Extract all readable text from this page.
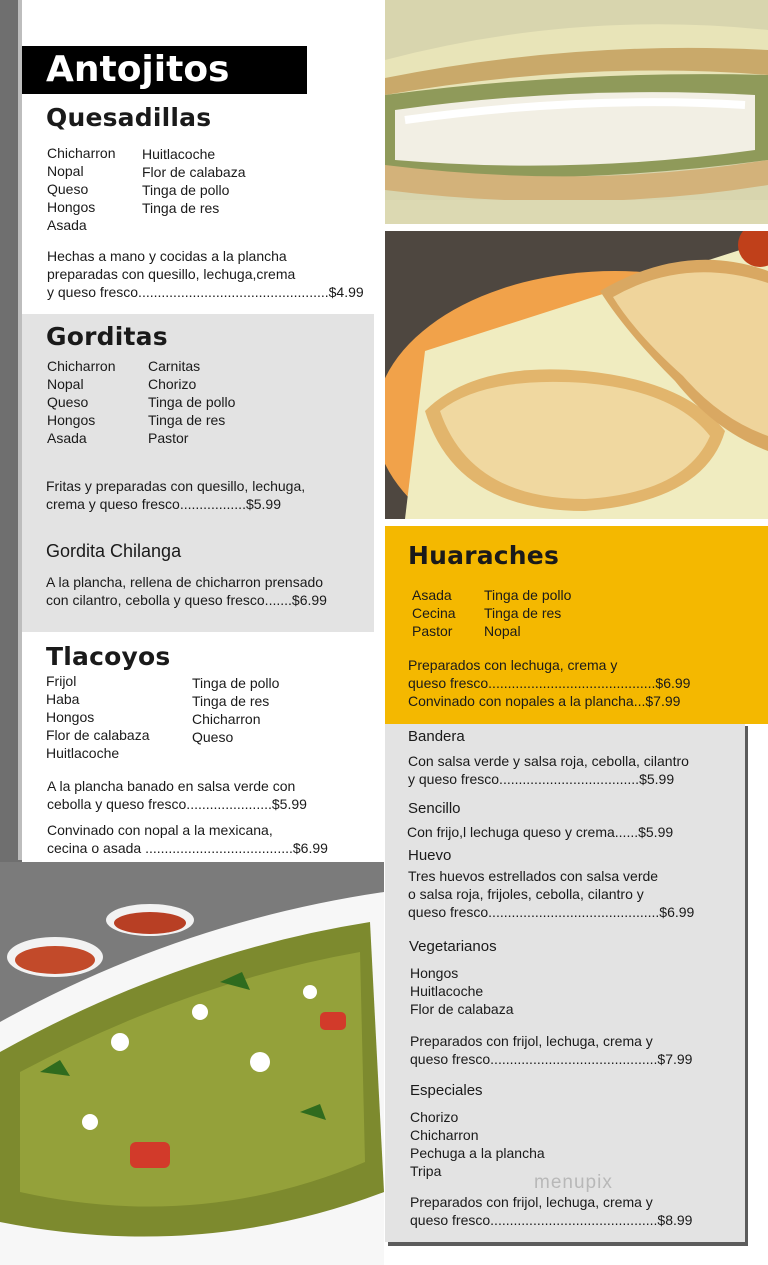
Antojitos
Quesadillas
Chicharron
Nopal
Queso
Hongos
Asada
Huitlacoche
Flor de calabaza
Tinga de pollo
Tinga de res
Hechas a mano y cocidas a la plancha
preparadas con quesillo, lechuga,crema
y queso fresco.................................................$4.99
Gorditas
Chicharron
Nopal
Queso
Hongos
Asada
Carnitas
Chorizo
Tinga de pollo
Tinga de res
Pastor
Fritas y preparadas con quesillo, lechuga,
crema y queso fresco.................$5.99
Gordita Chilanga
A la plancha, rellena de chicharron prensado
con cilantro, cebolla y queso fresco.......$6.99
Tlacoyos
Frijol
Haba
Hongos
Flor de calabaza
Huitlacoche
Tinga de pollo
Tinga de res
Chicharron
Queso
A la plancha banado en salsa verde con
cebolla y queso fresco......................$5.99
Convinado con nopal a la mexicana,
cecina o asada ......................................$6.99
Huaraches
Asada
Cecina
Pastor
Tinga de pollo
Tinga de res
Nopal
Preparados con lechuga, crema y
queso fresco...........................................$6.99
Convinado con nopales a la plancha...$7.99
Bandera
Con salsa verde y salsa roja, cebolla, cilantro
y queso fresco....................................$5.99
Sencillo
Con frijo,l lechuga queso y crema......$5.99
Huevo
Tres huevos estrellados con salsa verde
o salsa roja, frijoles, cebolla, cilantro y
queso fresco............................................$6.99
Vegetarianos
Hongos
Huitlacoche
Flor de calabaza
Preparados con frijol, lechuga, crema y
queso fresco...........................................$7.99
Especiales
Chorizo
Chicharron
Pechuga a la plancha
Tripa
Preparados con frijol, lechuga, crema y
queso fresco...........................................$8.99
menupix
